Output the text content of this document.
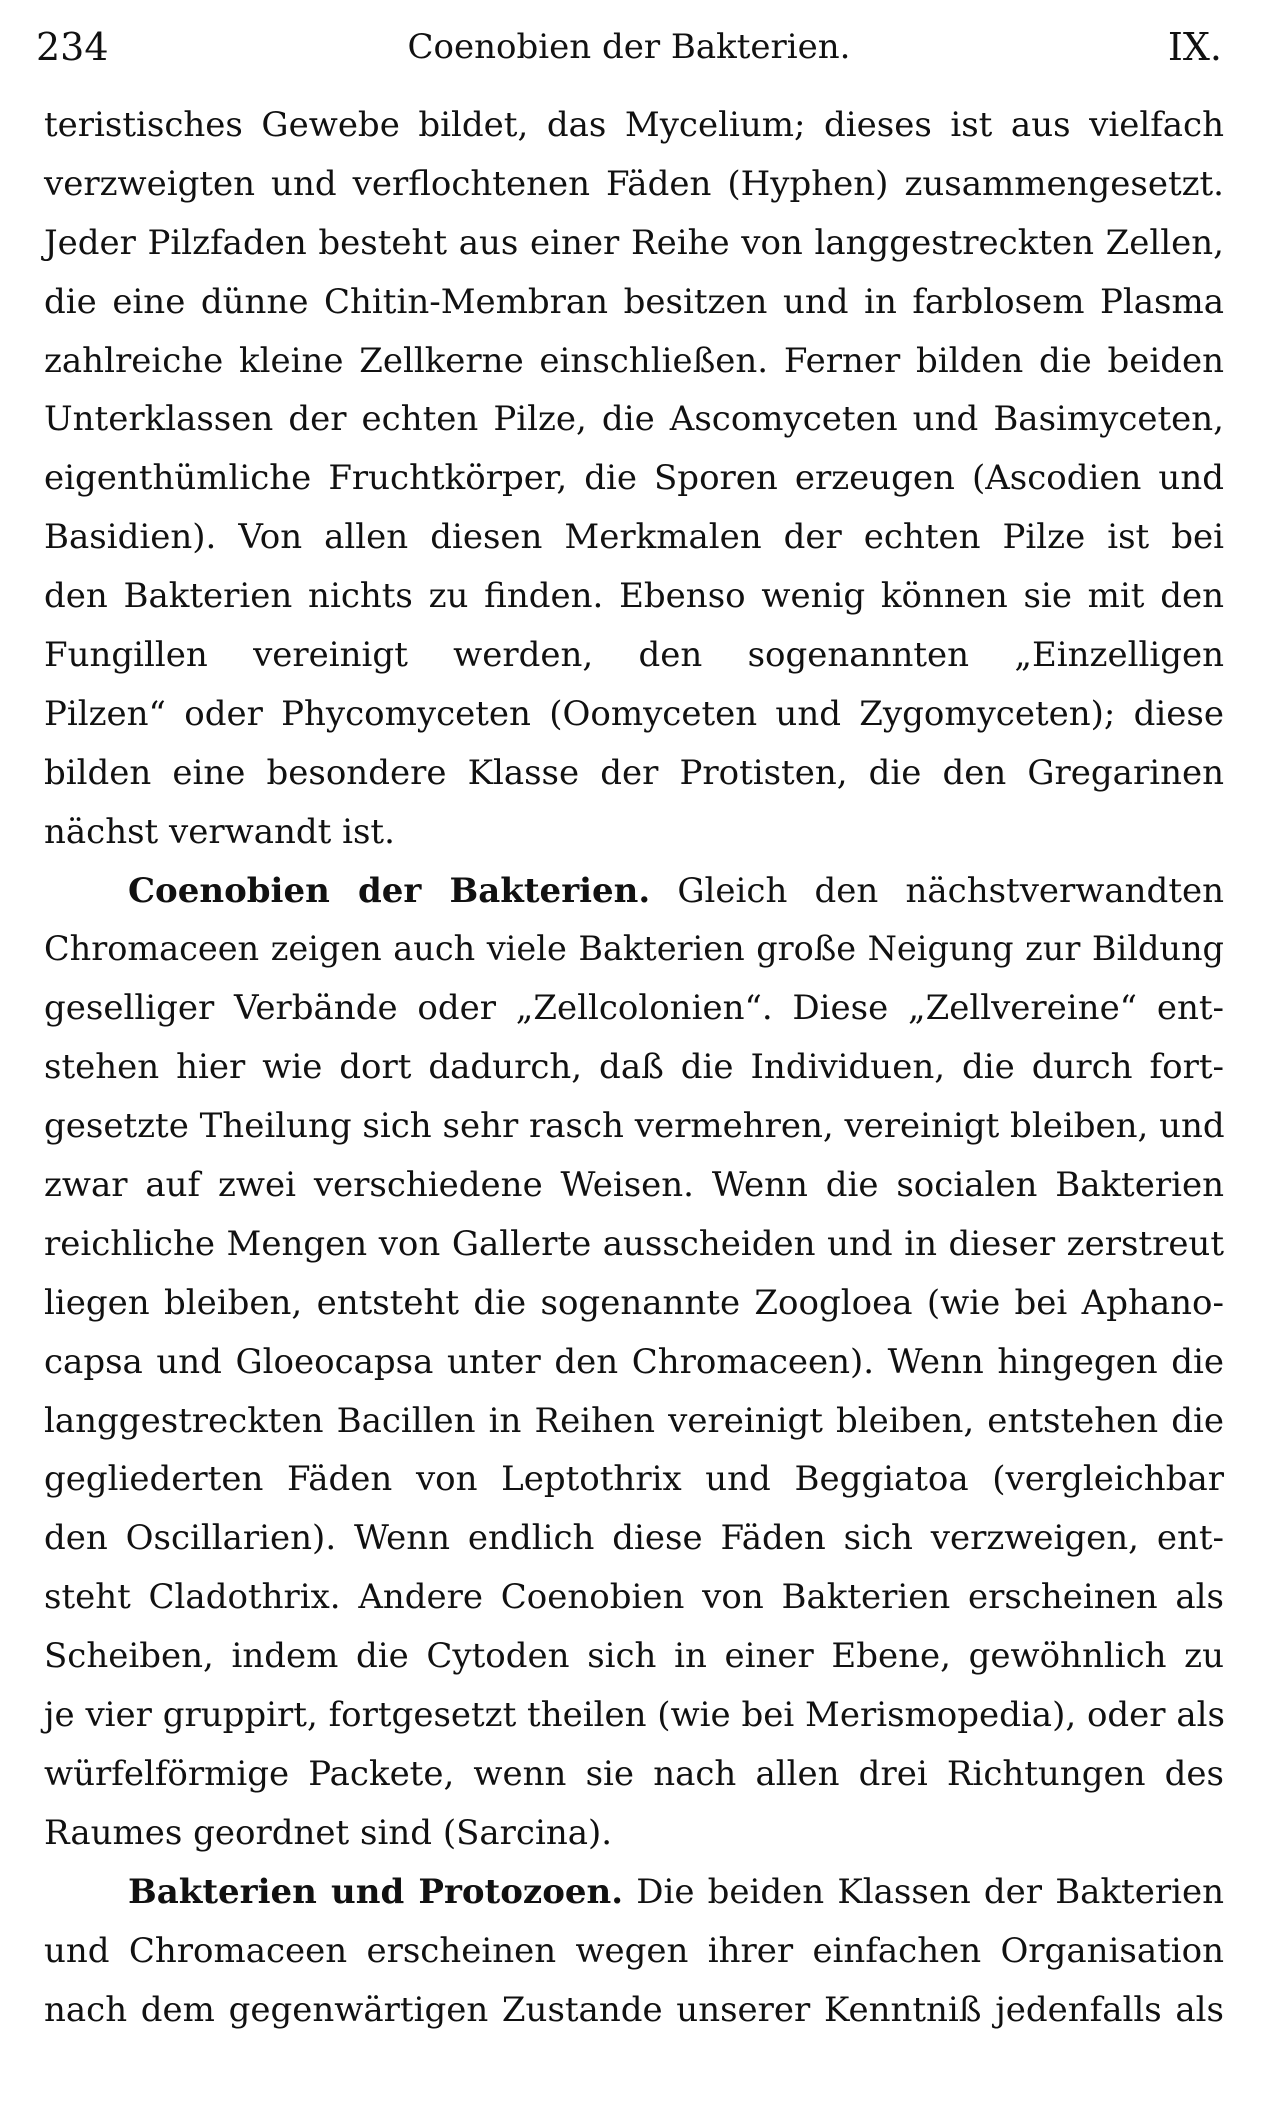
234	Coenobien der Bakterien.	IX.
teristisches Gewebe bildet, das Mycelium; dieses ist aus vielfach
verzweigten und verflochtenen Fäden (Hyphen) zusammengesetzt.
Jeder Pilzfaden besteht aus einer Reihe von langgestreckten Zellen,
die eine dünne Chitin-Membran besitzen und in farblosem Plasma
zahlreiche kleine Zellkerne einschließen. Ferner bilden die beiden
Unterklassen der echten Pilze, die Ascomyceten und Basimyceten,
eigenthümliche Fruchtkörper, die Sporen erzeugen (Ascodien und
Basidien). Von allen diesen Merkmalen der echten Pilze ist bei
den Bakterien nichts zu finden. Ebenso wenig können sie mit den
Fungillen vereinigt werden, den sogenannten „Einzelligen
Pilzen“ oder Phycomyceten (Oomyceten und Zygomyceten); diese
bilden eine besondere Klasse der Protisten, die den Gregarinen
nächst verwandt ist.
Coenobien der Bakterien. Gleich den nächstverwandten
Chromaceen zeigen auch viele Bakterien große Neigung zur Bildung
geselliger Verbände oder „Zellcolonien“. Diese „Zellvereine“ ent-
stehen hier wie dort dadurch, daß die Individuen, die durch fort-
gesetzte Theilung sich sehr rasch vermehren, vereinigt bleiben, und
zwar auf zwei verschiedene Weisen. Wenn die socialen Bakterien
reichliche Mengen von Gallerte ausscheiden und in dieser zerstreut
liegen bleiben, entsteht die sogenannte Zoogloea (wie bei Aphano-
capsa und Gloeocapsa unter den Chromaceen). Wenn hingegen die
langgestreckten Bacillen in Reihen vereinigt bleiben, entstehen die
gegliederten Fäden von Leptothrix und Beggiatoa (vergleichbar
den Oscillarien). Wenn endlich diese Fäden sich verzweigen, ent-
steht Cladothrix. Andere Coenobien von Bakterien erscheinen als
Scheiben, indem die Cytoden sich in einer Ebene, gewöhnlich zu
je vier gruppirt, fortgesetzt theilen (wie bei Merismopedia), oder als
würfelförmige Packete, wenn sie nach allen drei Richtungen des
Raumes geordnet sind (Sarcina).
Bakterien und Protozoen. Die beiden Klassen der Bakterien
und Chromaceen erscheinen wegen ihrer einfachen Organisation
nach dem gegenwärtigen Zustande unserer Kenntniß jedenfalls als
